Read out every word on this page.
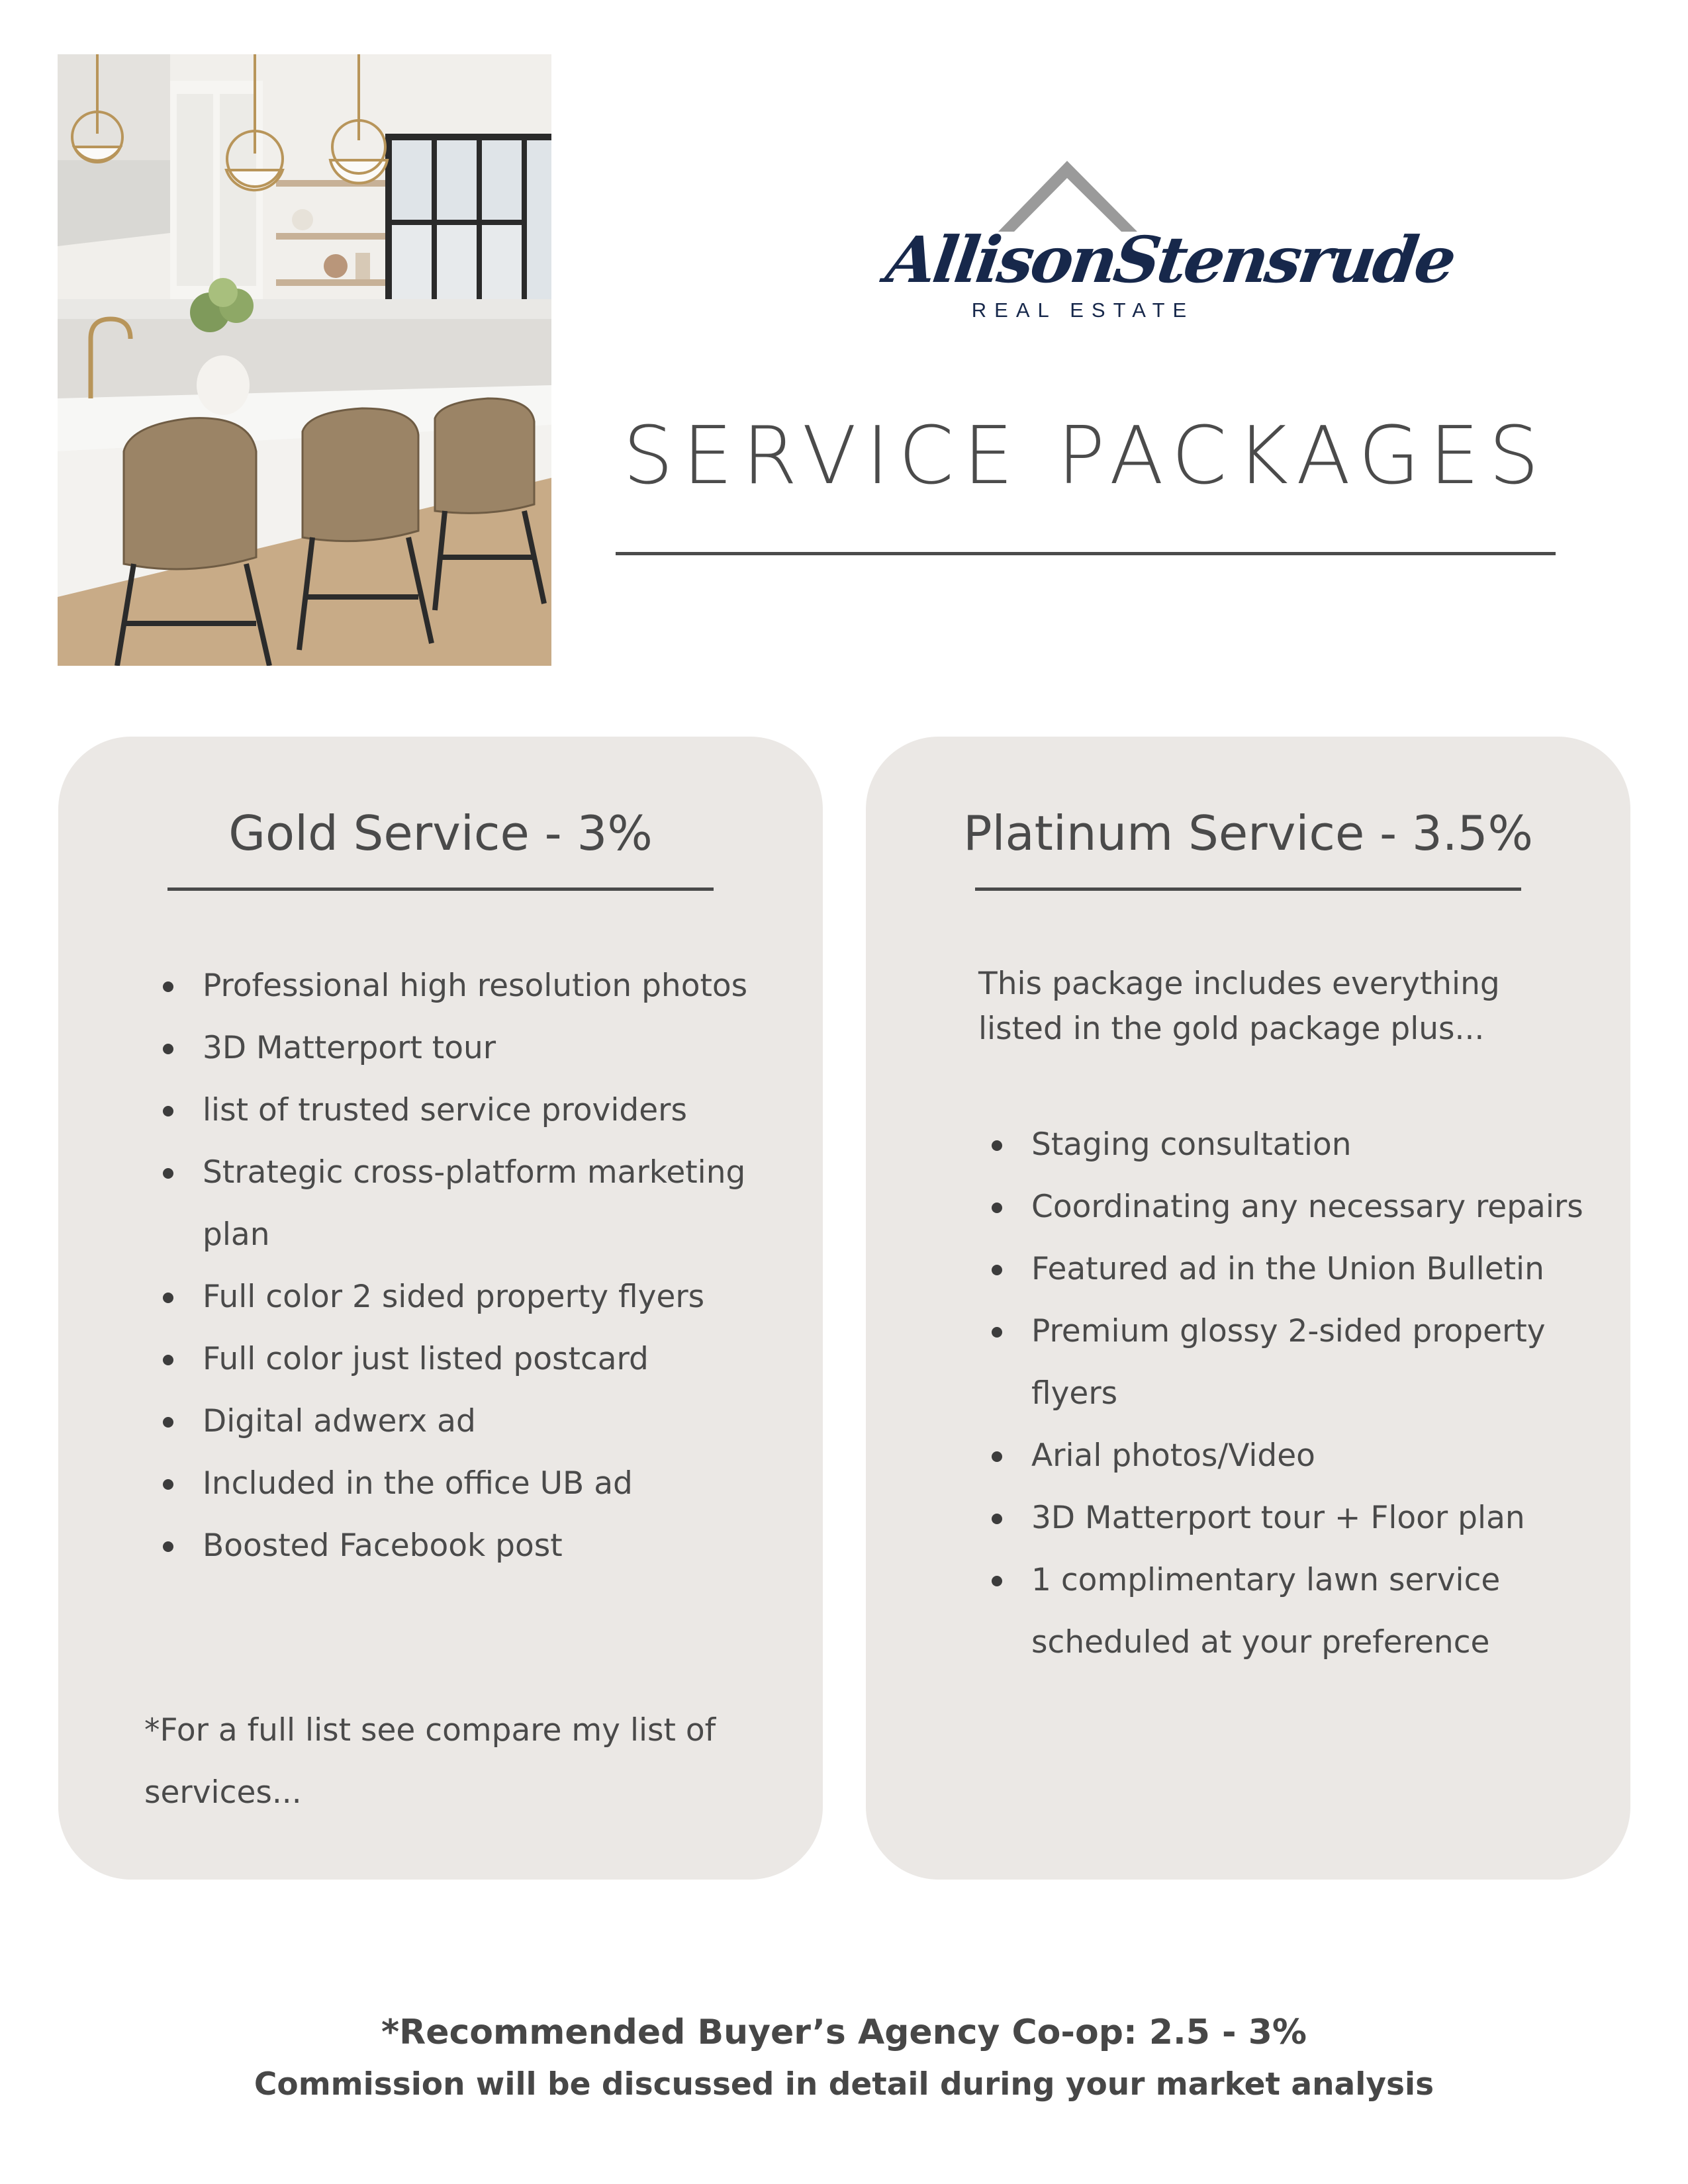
AllisonStensrude
REAL ESTATE
SERVICE PACKAGES
Gold Service - 3%
Professional high resolution photos
3D Matterport tour
list of trusted service providers
Strategic cross-platform marketing plan
Full color 2 sided property flyers
Full color just listed postcard
Digital adwerx ad
Included in the office UB ad
Boosted Facebook post
*For a full list see compare my list of services...
Platinum Service - 3.5%
This package includes everything listed in the gold package plus...
Staging consultation
Coordinating any necessary repairs
Featured ad in the Union Bulletin
Premium glossy 2-sided property flyers
Arial photos/Video
3D Matterport tour + Floor plan
1 complimentary lawn service scheduled at your preference
*Recommended Buyer’s Agency Co-op: 2.5 - 3%
Commission will be discussed in detail during your market analysis
